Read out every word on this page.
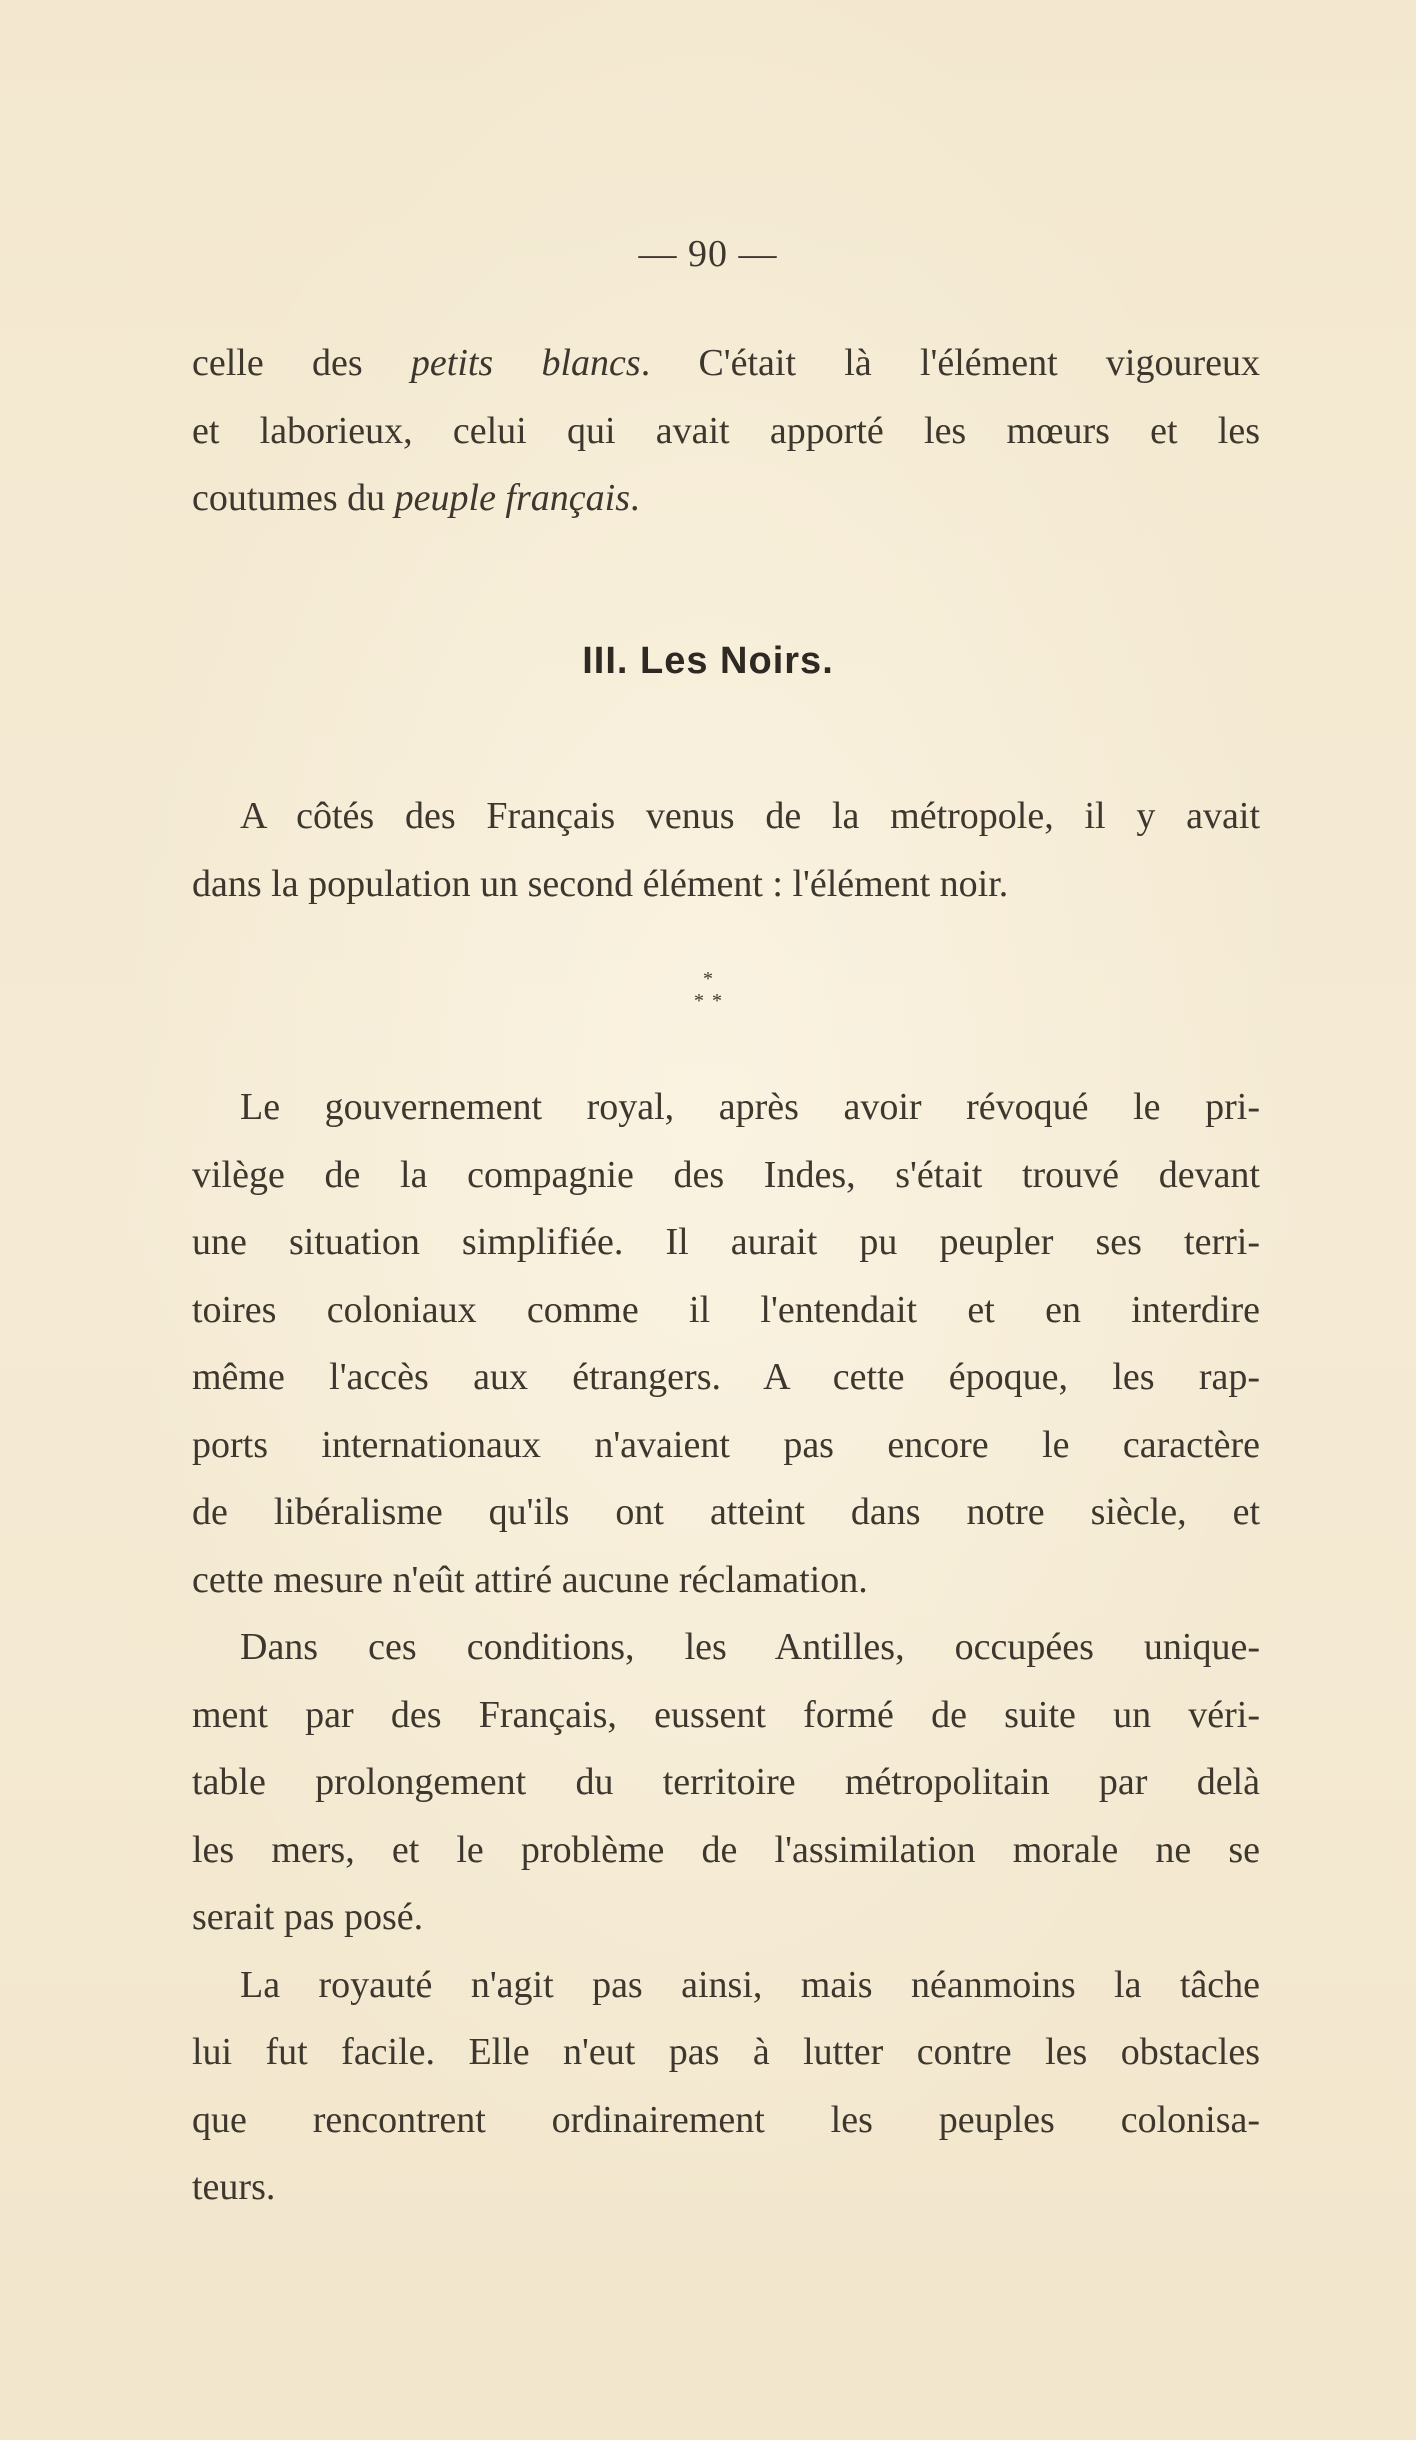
— 90 —
celle des petits blancs. C'était là l'élément vigoureux
et laborieux, celui qui avait apporté les mœurs et les
coutumes du peuple français.
III. Les Noirs.
A côtés des Français venus de la métropole, il y avait
dans la population un second élément : l'élément noir.
*
* *
Le gouvernement royal, après avoir révoqué le pri-
vilège de la compagnie des Indes, s'était trouvé devant
une situation simplifiée. Il aurait pu peupler ses terri-
toires coloniaux comme il l'entendait et en interdire
même l'accès aux étrangers. A cette époque, les rap-
ports internationaux n'avaient pas encore le caractère
de libéralisme qu'ils ont atteint dans notre siècle, et
cette mesure n'eût attiré aucune réclamation.
Dans ces conditions, les Antilles, occupées unique-
ment par des Français, eussent formé de suite un véri-
table prolongement du territoire métropolitain par delà
les mers, et le problème de l'assimilation morale ne se
serait pas posé.
La royauté n'agit pas ainsi, mais néanmoins la tâche
lui fut facile. Elle n'eut pas à lutter contre les obstacles
que rencontrent ordinairement les peuples colonisa-
teurs.
